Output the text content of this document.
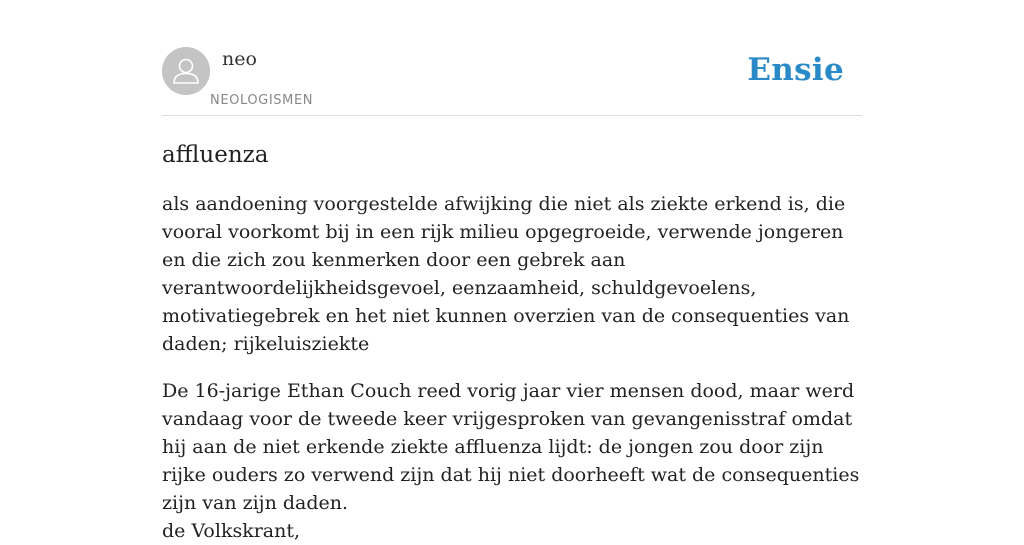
neo
NEOLOGISMEN
Ensie
affluenza

als aandoening voorgestelde afwijking die niet als ziekte erkend is, die vooral voorkomt bij in een rijk milieu opgegroeide, verwende jongeren en die zich zou kenmerken door een gebrek aan verantwoordelijkheidsgevoel, eenzaamheid, schuldgevoelens, motivatiegebrek en het niet kunnen overzien van de consequenties van daden; rijkeluisziekte

De 16-jarige Ethan Couch reed vorig jaar vier mensen dood, maar werd vandaag voor de tweede keer vrijgesproken van gevangenisstraf omdat hij aan de niet erkende ziekte affluenza lijdt: de jongen zou door zijn rijke ouders zo verwend zijn dat hij niet doorheeft wat de consequenties zijn van zijn daden.

de Volkskrant,
